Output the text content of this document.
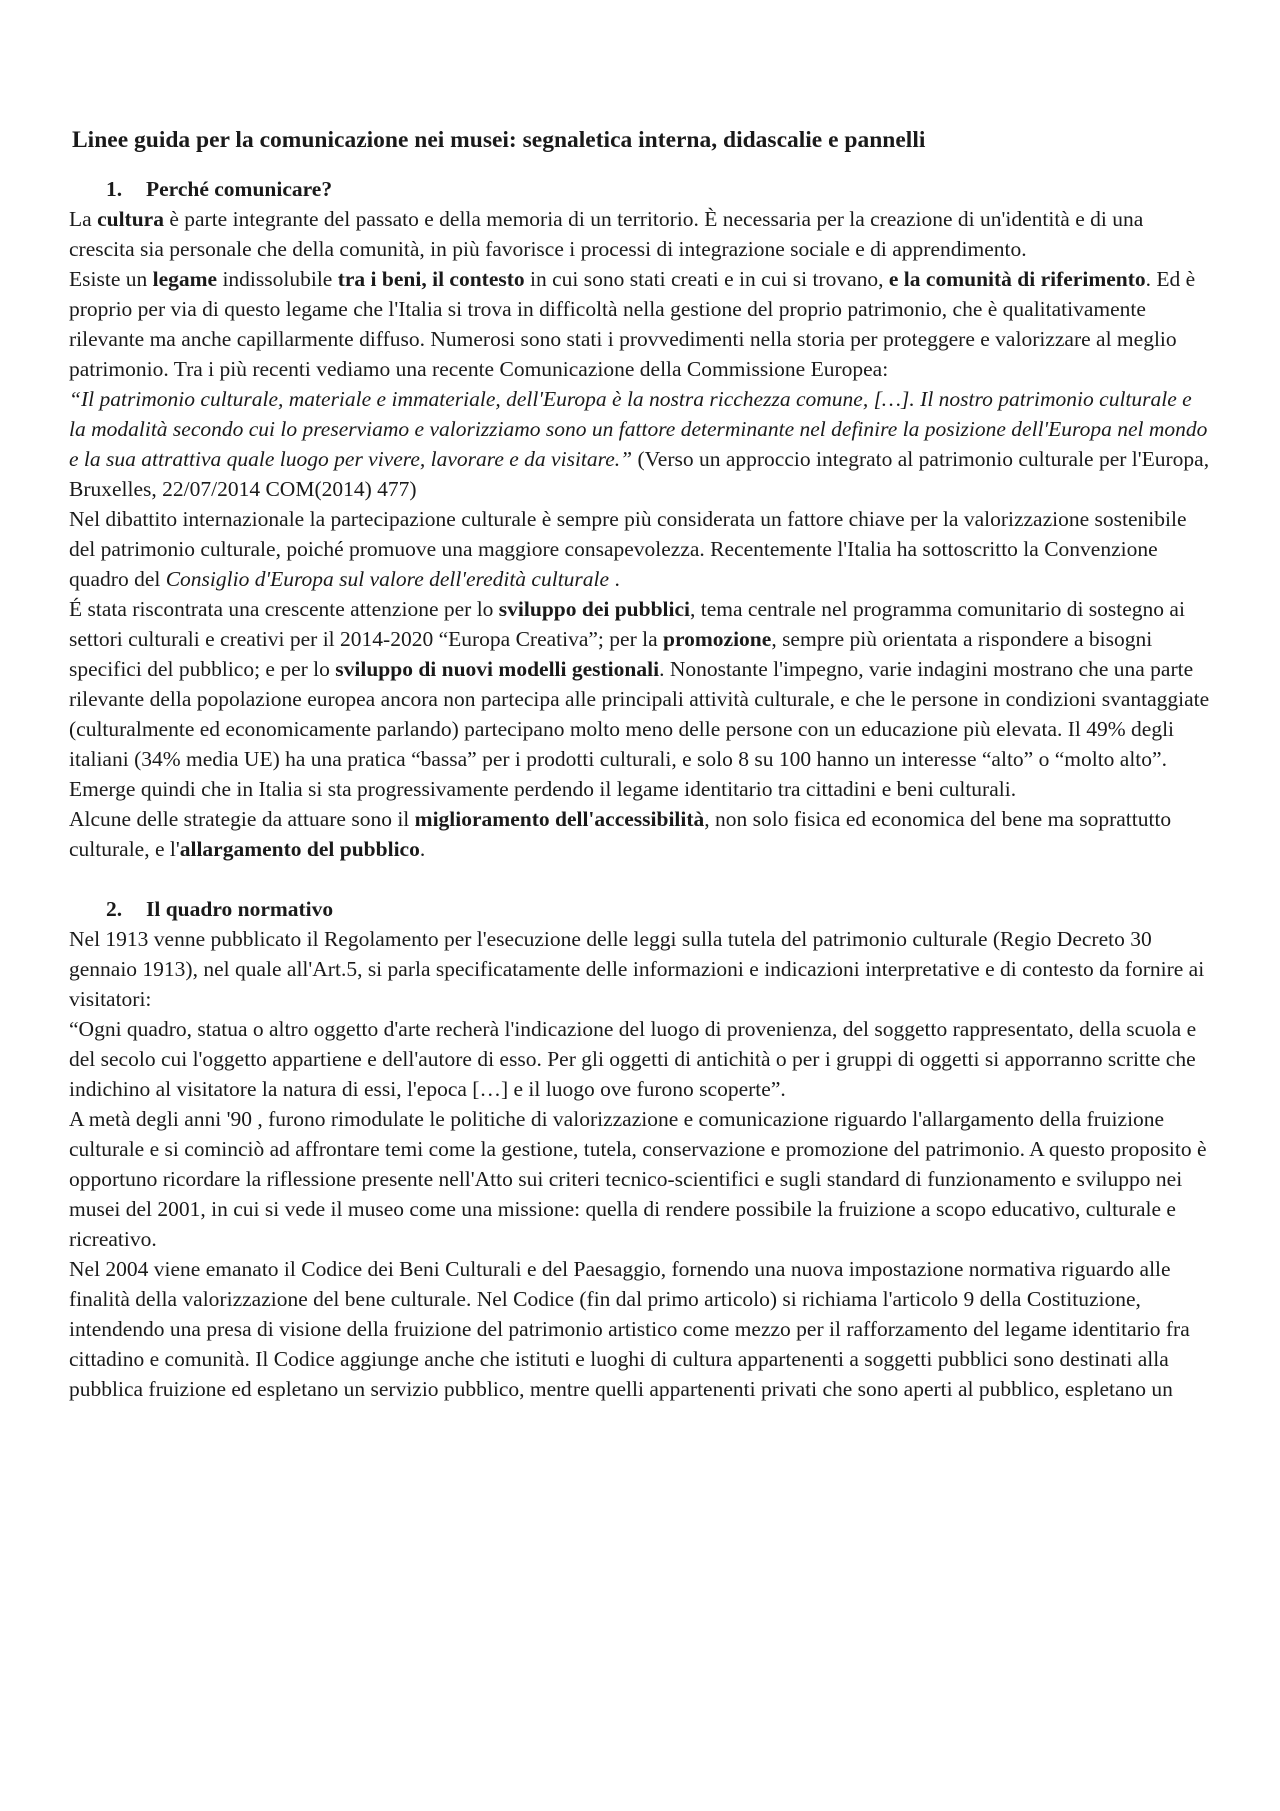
Linee guida per la comunicazione nei musei: segnaletica interna, didascalie e pannelli
1. Perché comunicare?

La cultura è parte integrante del passato e della memoria di un territorio. È necessaria per la creazione di un'identità e di una crescita sia personale che della comunità, in più favorisce i processi di integrazione sociale e di apprendimento.

Esiste un legame indissolubile tra i beni, il contesto in cui sono stati creati e in cui si trovano, e la comunità di riferimento. Ed è proprio per via di questo legame che l'Italia si trova in difficoltà nella gestione del proprio patrimonio, che è qualitativamente rilevante ma anche capillarmente diffuso. Numerosi sono stati i provvedimenti nella storia per proteggere e valorizzare al meglio patrimonio. Tra i più recenti vediamo una recente Comunicazione della Commissione Europea:

“Il patrimonio culturale, materiale e immateriale, dell'Europa è la nostra ricchezza comune, […]. Il nostro patrimonio culturale e la modalità secondo cui lo preserviamo e valorizziamo sono un fattore determinante nel definire la posizione dell'Europa nel mondo e la sua attrattiva quale luogo per vivere, lavorare e da visitare.” (Verso un approccio integrato al patrimonio culturale per l'Europa, Bruxelles, 22/07/2014 COM(2014) 477)

Nel dibattito internazionale la partecipazione culturale è sempre più considerata un fattore chiave per la valorizzazione sostenibile del patrimonio culturale, poiché promuove una maggiore consapevolezza. Recentemente l'Italia ha sottoscritto la Convenzione quadro del Consiglio d'Europa sul valore dell'eredità culturale .

É stata riscontrata una crescente attenzione per lo sviluppo dei pubblici, tema centrale nel programma comunitario di sostegno ai settori culturali e creativi per il 2014-2020 “Europa Creativa”; per la promozione, sempre più orientata a rispondere a bisogni specifici del pubblico; e per lo sviluppo di nuovi modelli gestionali. Nonostante l'impegno, varie indagini mostrano che una parte rilevante della popolazione europea ancora non partecipa alle principali attività culturale, e che le persone in condizioni svantaggiate (culturalmente ed economicamente parlando) partecipano molto meno delle persone con un educazione più elevata. Il 49% degli italiani (34% media UE) ha una pratica “bassa” per i prodotti culturali, e solo 8 su 100 hanno un interesse “alto” o “molto alto”. Emerge quindi che in Italia si sta progressivamente perdendo il legame identitario tra cittadini e beni culturali.

Alcune delle strategie da attuare sono il miglioramento dell'accessibilità, non solo fisica ed economica del bene ma soprattutto culturale, e l'allargamento del pubblico.

2. Il quadro normativo

Nel 1913 venne pubblicato il Regolamento per l'esecuzione delle leggi sulla tutela del patrimonio culturale (Regio Decreto 30 gennaio 1913), nel quale all'Art.5, si parla specificatamente delle informazioni e indicazioni interpretative e di contesto da fornire ai visitatori:

“Ogni quadro, statua o altro oggetto d'arte recherà l'indicazione del luogo di provenienza, del soggetto rappresentato, della scuola e del secolo cui l'oggetto appartiene e dell'autore di esso. Per gli oggetti di antichità o per i gruppi di oggetti si apporranno scritte che indichino al visitatore la natura di essi, l'epoca […] e il luogo ove furono scoperte”.

A metà degli anni '90 , furono rimodulate le politiche di valorizzazione e comunicazione riguardo l'allargamento della fruizione culturale e si cominciò ad affrontare temi come la gestione, tutela, conservazione e promozione del patrimonio. A questo proposito è opportuno ricordare la riflessione presente nell'Atto sui criteri tecnico-scientifici e sugli standard di funzionamento e sviluppo nei musei del 2001, in cui si vede il museo come una missione: quella di rendere possibile la fruizione a scopo educativo, culturale e ricreativo.

Nel 2004 viene emanato il Codice dei Beni Culturali e del Paesaggio, fornendo una nuova impostazione normativa riguardo alle finalità della valorizzazione del bene culturale. Nel Codice (fin dal primo articolo) si richiama l'articolo 9 della Costituzione, intendendo una presa di visione della fruizione del patrimonio artistico come mezzo per il rafforzamento del legame identitario fra cittadino e comunità. Il Codice aggiunge anche che istituti e luoghi di cultura appartenenti a soggetti pubblici sono destinati alla pubblica fruizione ed espletano un servizio pubblico, mentre quelli appartenenti privati che sono aperti al pubblico, espletano un
